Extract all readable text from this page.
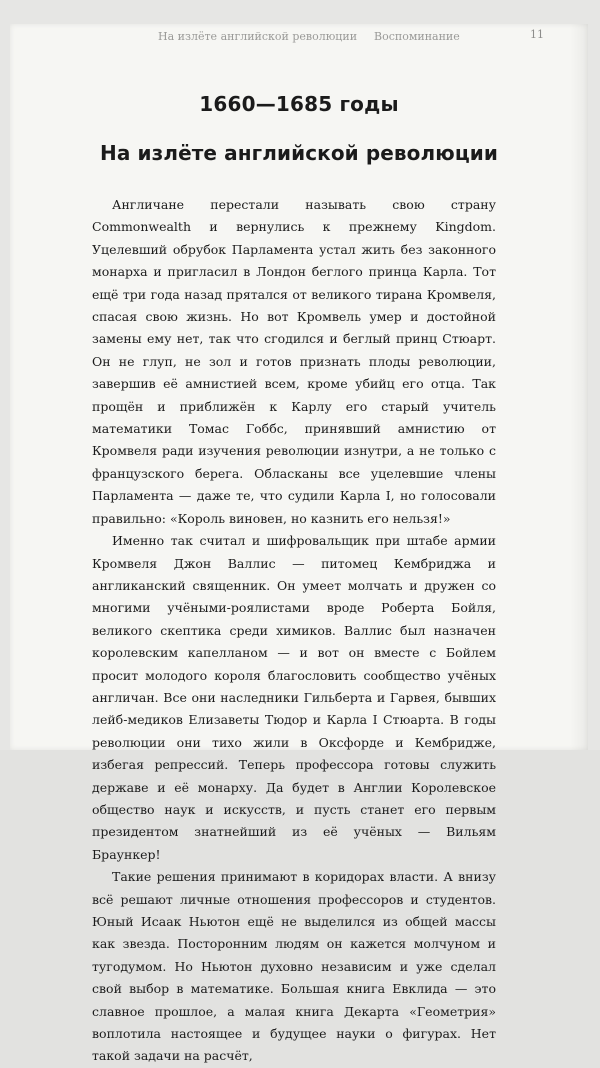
На излёте английской революции Воспоминание	11
1660—1685 годы
На излёте английской революции

Англичане перестали называть свою страну Commonwealth и вернулись к прежнему Kingdom. Уцелевший обрубок Парламента устал жить без законного монарха и пригласил в Лондон беглого принца Карла. Тот ещё три года назад прятался от великого тирана Кромвеля, спасая свою жизнь. Но вот Кромвель умер и достойной замены ему нет, так что сгодился и беглый принц Стюарт. Он не глуп, не зол и готов признать плоды революции, завершив её амнистией всем, кроме убийц его отца. Так прощён и приближён к Карлу его старый учитель математики Томас Гоббс, принявший амнистию от Кромвеля ради изучения революции изнутри, а не только с французского берега. Обласканы все уцелевшие члены Парламента — даже те, что судили Карла I, но голосовали правильно: «Король виновен, но казнить его нельзя!»

Именно так считал и шифровальщик при штабе армии Кромвеля Джон Валлис — питомец Кембриджа и англиканский священник. Он умеет молчать и дружен со многими учёными-роялистами вроде Роберта Бойля, великого скептика среди химиков. Валлис был назначен королевским капелланом — и вот он вместе с Бойлем просит молодого короля благословить сообщество учёных англичан. Все они наследники Гильберта и Гарвея, бывших лейб-медиков Елизаветы Тюдор и Карла I Стюарта. В годы революции они тихо жили в Оксфорде и Кембридже, избегая репрессий. Теперь профессора готовы служить державе и её монарху. Да будет в Англии Королевское общество наук и искусств, и пусть станет его первым президентом знатнейший из её учёных — Вильям Браункер!

Такие решения принимают в коридорах власти. А внизу всё решают личные отношения профессоров и студентов. Юный Исаак Ньютон ещё не выделился из общей массы как звезда. Посторонним людям он кажется молчуном и тугодумом. Но Ньютон духовно независим и уже сделал свой выбор в математике. Большая книга Евклида — это славное прошлое, а малая книга Декарта «Геометрия» воплотила настоящее и будущее науки о фигурах. Нет такой задачи на расчёт,
